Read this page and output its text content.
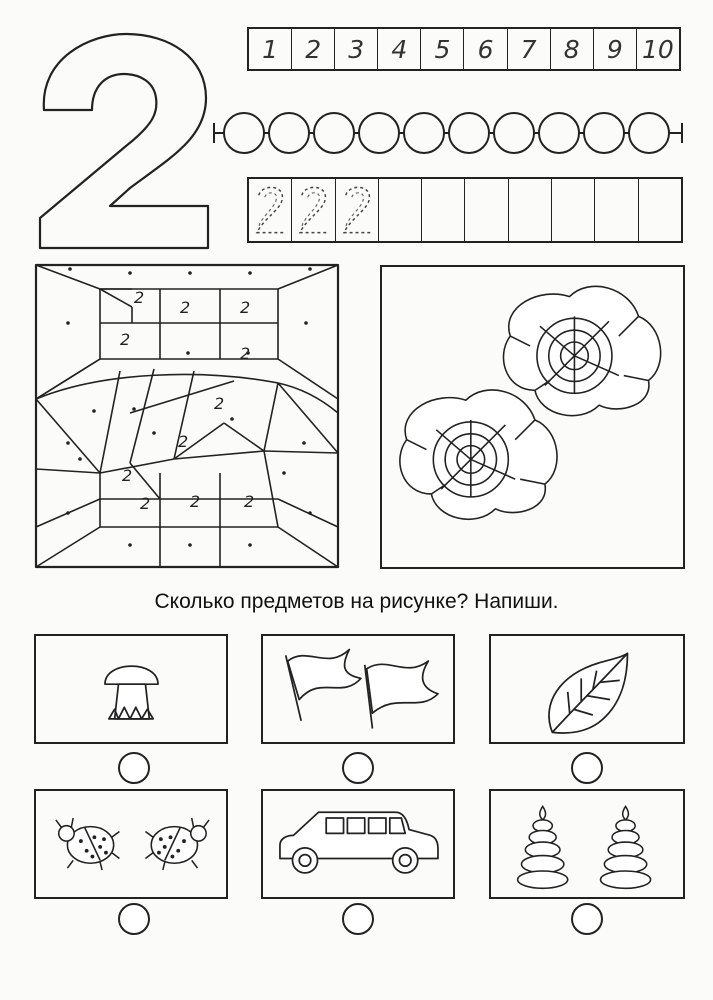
1	2	3	4	5	6	7	8	9 10
2
2	2
2
2
2
2
2
2 2	2
Сколько предметов на рисунке? Напиши.
